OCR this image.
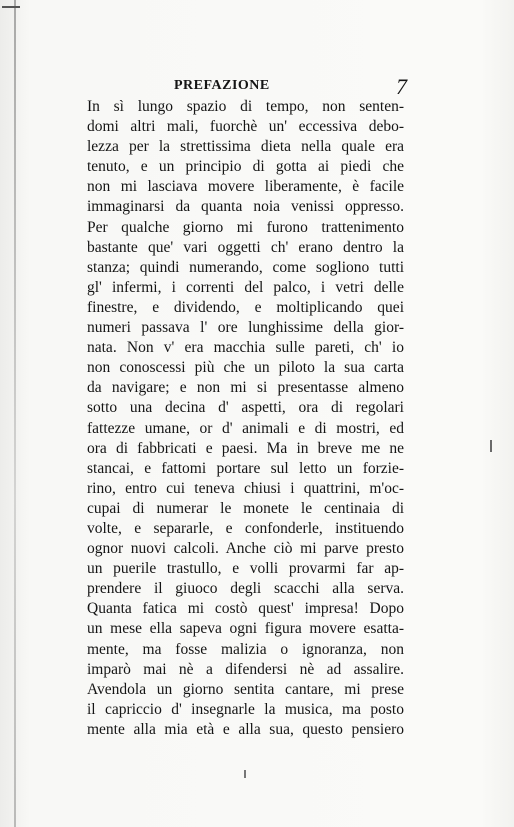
PREFAZIONE	7
In sì lungo spazio di tempo, non senten-
domi altri mali, fuorchè un' eccessiva debo-
lezza per la strettissima dieta nella quale era
tenuto, e un principio di gotta ai piedi che
non mi lasciava movere liberamente, è facile
immaginarsi da quanta noia venissi oppresso.
Per qualche giorno mi furono trattenimento
bastante que' vari oggetti ch' erano dentro la
stanza; quindi numerando, come sogliono tutti
gl' infermi, i correnti del palco, i vetri delle
finestre, e dividendo, e moltiplicando quei
numeri passava l' ore lunghissime della gior-
nata. Non v' era macchia sulle pareti, ch' io
non conoscessi più che un piloto la sua carta
da navigare; e non mi si presentasse almeno
sotto una decina d' aspetti, ora di regolari
fattezze umane, or d' animali e di mostri, ed
ora di fabbricati e paesi. Ma in breve me ne
stancai, e fattomi portare sul letto un forzie-
rino, entro cui teneva chiusi i quattrini, m'oc-
cupai di numerar le monete le centinaia di
volte, e separarle, e confonderle, instituendo
ognor nuovi calcoli. Anche ciò mi parve presto
un puerile trastullo, e volli provarmi far ap-
prendere il giuoco degli scacchi alla serva.
Quanta fatica mi costò quest' impresa! Dopo
un mese ella sapeva ogni figura movere esatta-
mente, ma fosse malizia o ignoranza, non
imparò mai nè a difendersi nè ad assalire.
Avendola un giorno sentita cantare, mi prese
il capriccio d' insegnarle la musica, ma posto
mente alla mia età e alla sua, questo pensiero
